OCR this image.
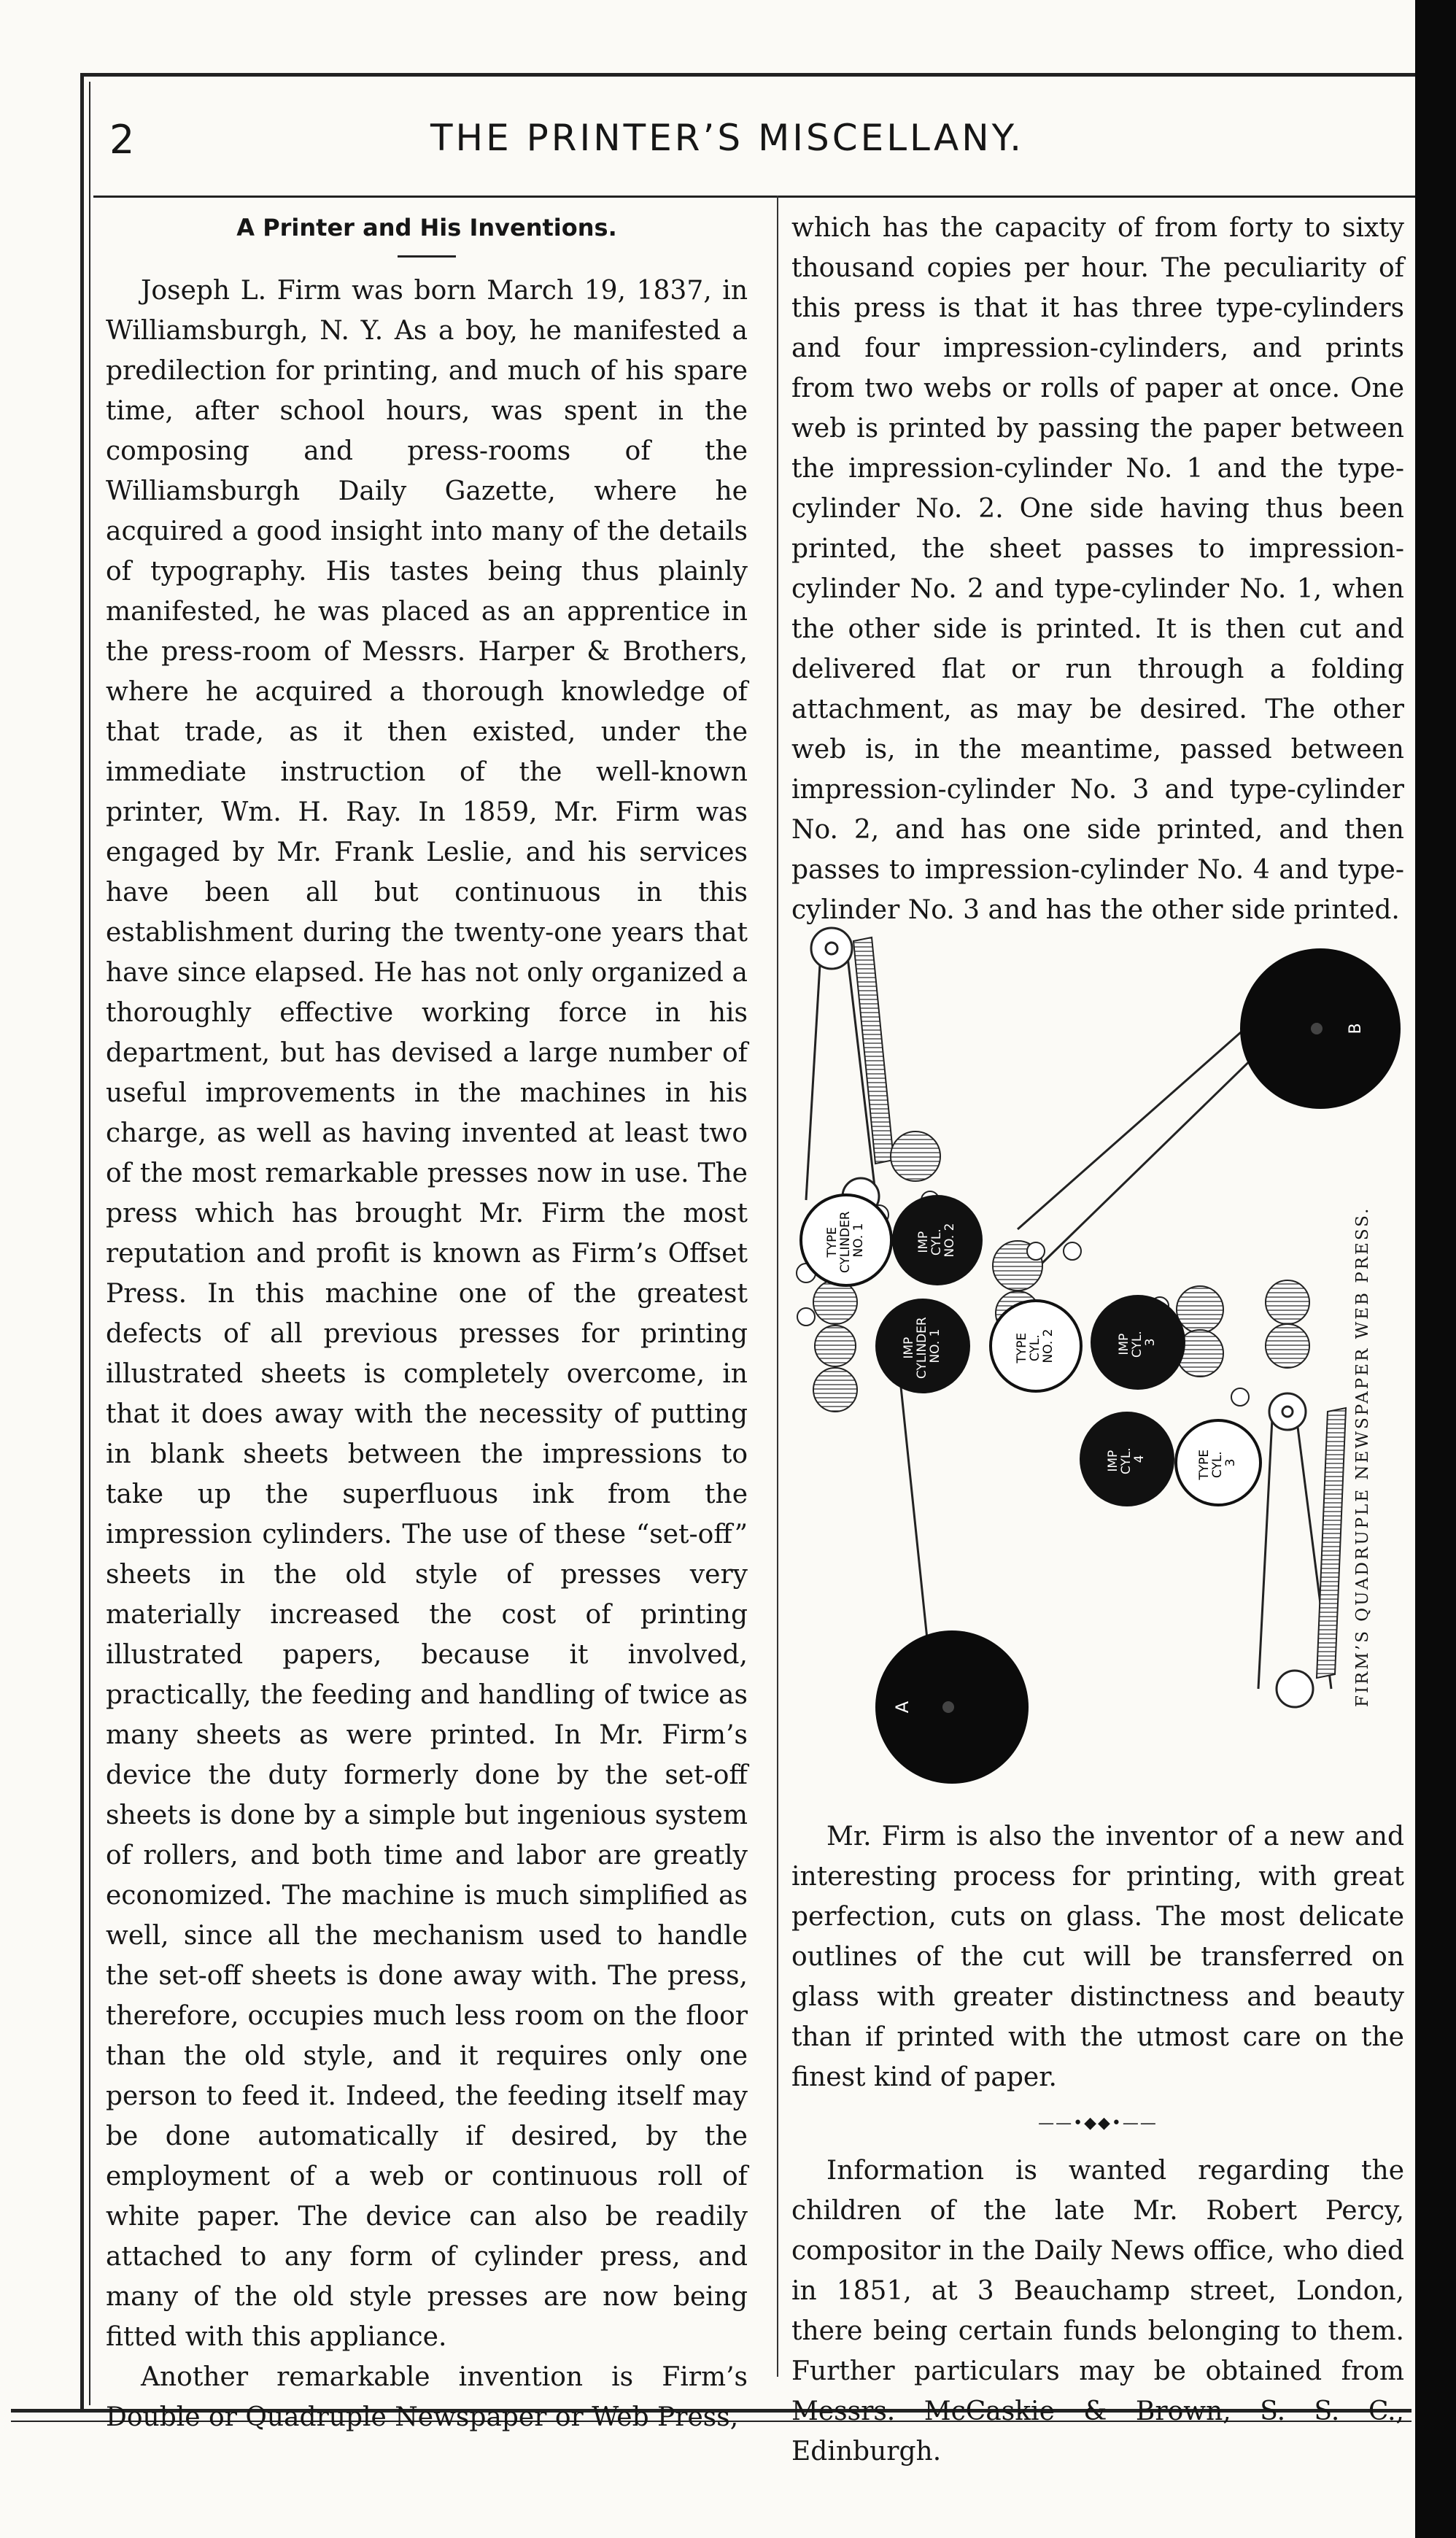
2	THE PRINTER’S MISCELLANY.
A Printer and His Inventions.

Joseph L. Firm was born March 19, 1837, in Williamsburgh, N. Y. As a boy, he manifested a predilection for printing, and much of his spare time, after school hours, was spent in the composing and press-rooms of the Williamsburgh Daily Gazette, where he acquired a good insight into many of the details of typography. His tastes being thus plainly manifested, he was placed as an apprentice in the press-room of Messrs. Harper & Brothers, where he acquired a thorough knowledge of that trade, as it then existed, under the immediate instruction of the well-known printer, Wm. H. Ray. In 1859, Mr. Firm was engaged by Mr. Frank Leslie, and his services have been all but continuous in this establishment during the twenty-one years that have since elapsed. He has not only organized a thoroughly effective working force in his department, but has devised a large number of useful improvements in the machines in his charge, as well as having invented at least two of the most remarkable presses now in use. The press which has brought Mr. Firm the most reputation and profit is known as Firm’s Offset Press. In this machine one of the greatest defects of all previous presses for printing illustrated sheets is completely overcome, in that it does away with the necessity of putting in blank sheets between the impressions to take up the superfluous ink from the impression cylinders. The use of these “set-off” sheets in the old style of presses very materially increased the cost of printing illustrated papers, because it involved, practically, the feeding and handling of twice as many sheets as were printed. In Mr. Firm’s device the duty formerly done by the set-off sheets is done by a simple but ingenious system of rollers, and both time and labor are greatly economized. The machine is much simplified as well, since all the mechanism used to handle the set-off sheets is done away with. The press, therefore, occupies much less room on the floor than the old style, and it requires only one person to feed it. Indeed, the feeding itself may be done automatically if desired, by the employment of a web or continuous roll of white paper. The device can also be readily attached to any form of cylinder press, and many of the old style presses are now being fitted with this appliance.

Another remarkable invention is Firm’s Double or Quadruple Newspaper or Web Press,

which has the capacity of from forty to sixty thousand copies per hour. The peculiarity of this press is that it has three type-cylinders and four impression-cylinders, and prints from two webs or rolls of paper at once. One web is printed by passing the paper between the impression-cylinder No. 1 and the type-cylinder No. 2. One side having thus been printed, the sheet passes to impression-cylinder No. 2 and type-cylinder No. 1, when the other side is printed. It is then cut and delivered flat or run through a folding attachment, as may be desired. The other web is, in the meantime, passed between impression-cylinder No. 3 and type-cylinder No. 2, and has one side printed, and then passes to impression-cylinder No. 4 and type-cylinder No. 3 and has the other side printed.

TYPE CYLINDER NO. 1	IMP CYL. NO. 2
IMP CYLINDER NO. 1	TYPE CYL. NO. 2	IMP CYL. 3
IMP CYL. 4	TYPE CYL. 3
B
A	FIRM’S QUADRUPLE NEWSPAPER WEB PRESS.

Mr. Firm is also the inventor of a new and interesting process for printing, with great perfection, cuts on glass. The most delicate outlines of the cut will be transferred on glass with greater distinctness and beauty than if printed with the utmost care on the finest kind of paper.

——•◆◆•——

Information is wanted regarding the children of the late Mr. Robert Percy, compositor in the Daily News office, who died in 1851, at 3 Beauchamp street, London, there being certain funds belonging to them. Further particulars may be obtained from Messrs. McCaskie & Brown, S. S. C., Edinburgh.
